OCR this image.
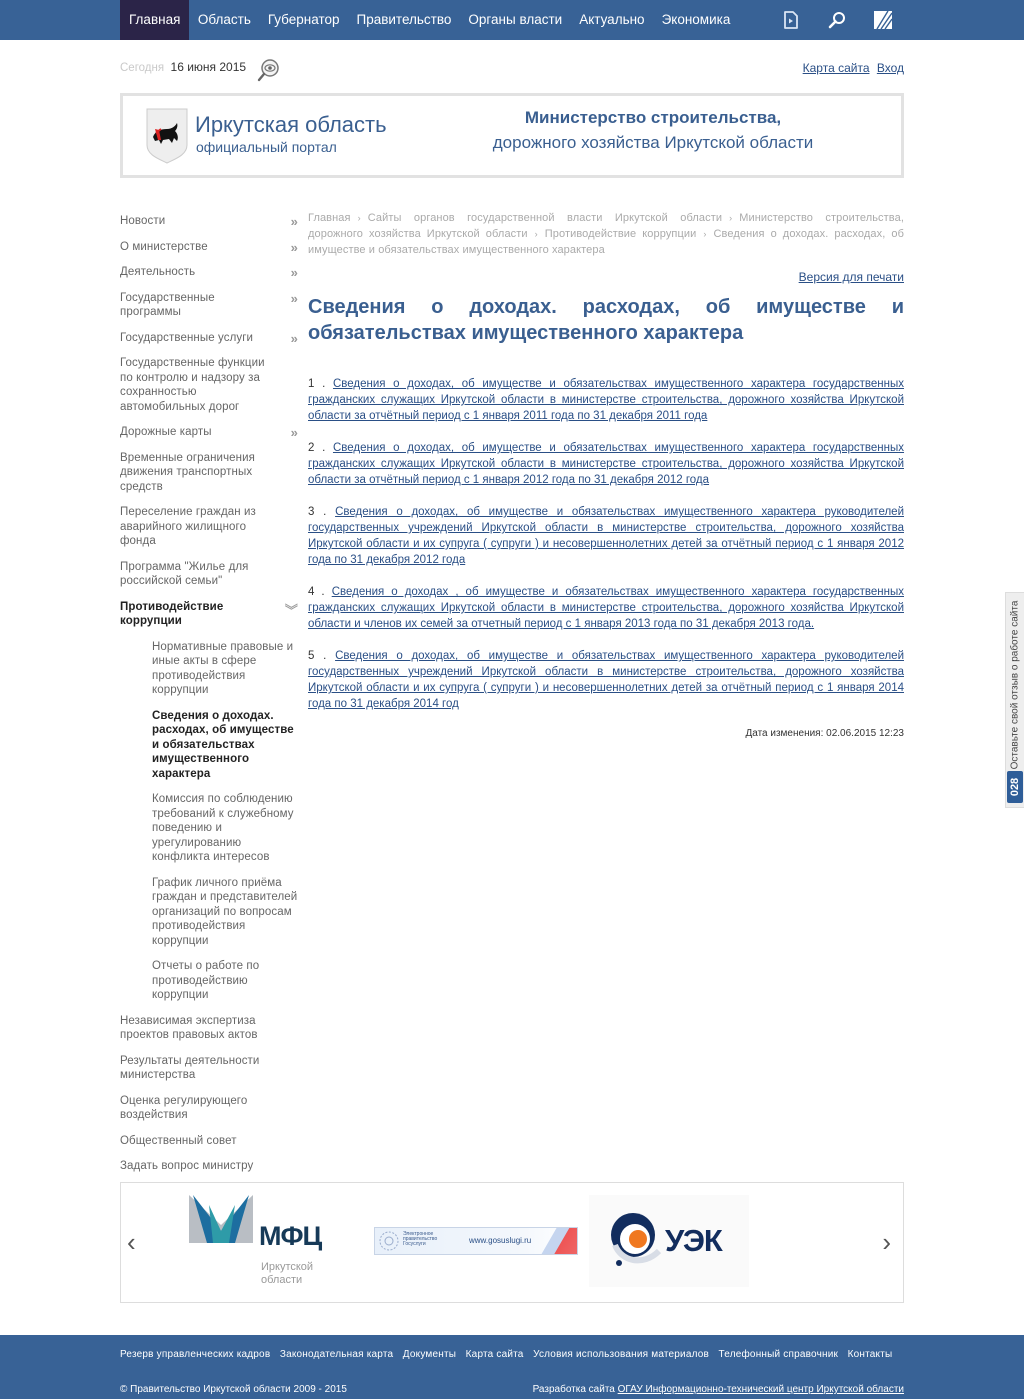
Главная	Область	Губернатор	Правительство	Органы власти	Актуально	Экономика
Сегодня 16 июня 2015	Карта сайта Вход
Иркутская область
официальный портал
Министерство строительства,
дорожного хозяйства Иркутской области
Новости	»
О министерстве	»
Деятельность	»
Государственные программы
»
Государственные услуги	»
Государственные функции по контролю и надзору за сохранностью автомобильных дорог
Дорожные карты	»
Временные ограничения движения транспортных средств
Переселение граждан из аварийного жилищного фонда
Программа "Жилье для российской семьи"
Противодействие коррупции
︾
Нормативные правовые и иные акты в сфере противодействия коррупции
Сведения о доходах. расходах, об имуществе и обязательствах имущественного характера
Комиссия по соблюдению требований к служебному поведению и урегулированию конфликта интересов
График личного приёма граждан и представителей организаций по вопросам противодействия коррупции
Отчеты о работе по противодействию коррупции
Независимая экспертиза проектов правовых актов
Результаты деятельности министерства
Оценка регулирующего воздействия
Общественный совет
Задать вопрос министру
Главная › Сайты органов государственной власти Иркутской области › Министерство строительства, дорожного хозяйства Иркутской области › Противодействие коррупции › Сведения о доходах. расходах, об имуществе и обязательствах имущественного характера
Версия для печати
Сведения о доходах. расходах, об имуществе и обязательствах имущественного характера
1 . Сведения о доходах, об имуществе и обязательствах имущественного характера государственных гражданских служащих Иркутской области в министерстве строительства, дорожного хозяйства Иркутской области за отчётный период с 1 января 2011 года по 31 декабря 2011 года
2 . Сведения о доходах, об имуществе и обязательствах имущественного характера государственных гражданских служащих Иркутской области в министерстве строительства, дорожного хозяйства Иркутской области за отчётный период с 1 января 2012 года по 31 декабря 2012 года
3 . Сведения о доходах, об имуществе и обязательствах имущественного характера руководителей государственных учреждений Иркутской области в министерстве строительства, дорожного хозяйства Иркутской области и их супруга ( супруги ) и несовершеннолетних детей за отчётный период с 1 января 2012 года по 31 декабря 2012 года
4 . Сведения о доходах , об имуществе и обязательствах имущественного характера государственных гражданских служащих Иркутской области в министерстве строительства, дорожного хозяйства Иркутской области и членов их семей за отчетный период с 1 января 2013 года по 31 декабря 2013 года.
5 . Сведения о доходах, об имуществе и обязательствах имущественного характера руководителей государственных учреждений Иркутской области в министерстве строительства, дорожного хозяйства Иркутской области и их супруга ( супруги ) и несовершеннолетних детей за отчётный период с 1 января 2014 года по 31 декабря 2014 год
Дата изменения: 02.06.2015 12:23	Оставьте свой отзыв о работе сайта
028
‹	МФЦ
Иркутской области
Электронное правительство Госуслуги	www.gosuslugi.ru	УЭК	›
Резерв управленческих кадров Законодательная карта Документы Карта сайта Условия использования материалов Телефонный справочник Контакты
© Правительство Иркутской области 2009 - 2015	Разработка сайта ОГАУ Информационно-технический центр Иркутской области
